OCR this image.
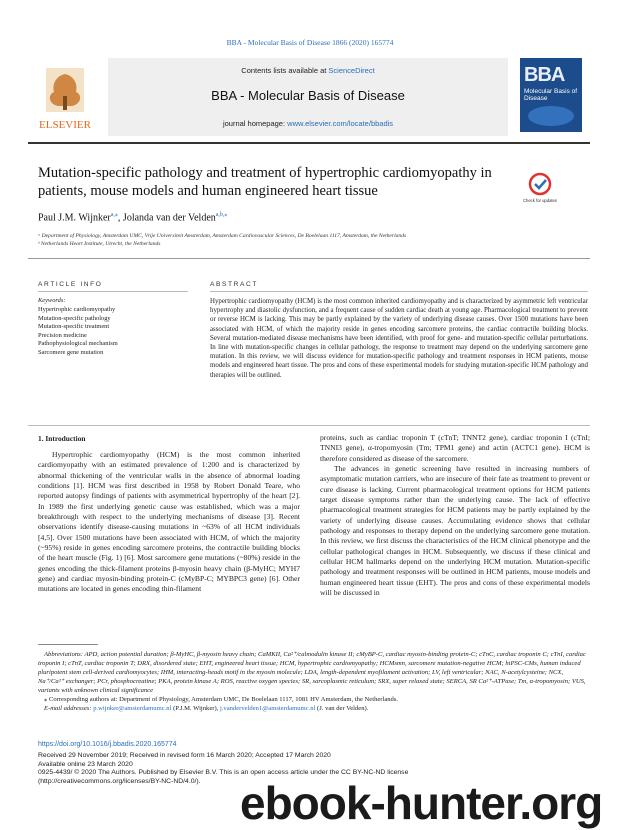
BBA - Molecular Basis of Disease 1866 (2020) 165774
ELSEVIER
Contents lists available at ScienceDirect
BBA - Molecular Basis of Disease
journal homepage: www.elsevier.com/locate/bbadis
BBA
Molecular Basis of Disease
Mutation-specific pathology and treatment of hypertrophic cardiomyopathy in patients, mouse models and human engineered heart tissue
Check for updates
Paul J.M. Wijnker$^{a,⁎}$, Jolanda van der Velden$^{a,b,⁎}$
ᵃ Department of Physiology, Amsterdam UMC, Vrije Universiteit Amsterdam, Amsterdam Cardiovascular Sciences, De Boelelaan 1117, Amsterdam, the Netherlands
ᵇ Netherlands Heart Institute, Utrecht, the Netherlands
ARTICLE INFO	ABSTRACT
Keywords:
Hypertrophic cardiomyopathy
Mutation-specific pathology
Mutation-specific treatment
Precision medicine
Pathophysiological mechanism
Sarcomere gene mutation
Hypertrophic cardiomyopathy (HCM) is the most common inherited cardiomyopathy and is characterized by asymmetric left ventricular hypertrophy and diastolic dysfunction, and a frequent cause of sudden cardiac death at young age. Pharmacological treatment to prevent or reverse HCM is lacking. This may be partly explained by the variety of underlying disease causes. Over 1500 mutations have been associated with HCM, of which the majority reside in genes encoding sarcomere proteins, the cardiac contractile building blocks. Several mutation-mediated disease mechanisms have been identified, with proof for gene- and mutation-specific cellular perturbations. In line with mutation-specific changes in cellular pathology, the response to treatment may depend on the underlying sarcomere gene mutation. In this review, we will discuss evidence for mutation-specific pathology and treatment responses in HCM patients, mouse models and engineered heart tissue. The pros and cons of these experimental models for studying mutation-specific HCM pathology and therapies will be outlined.
1. Introduction

Hypertrophic cardiomyopathy (HCM) is the most common inherited cardiomyopathy with an estimated prevalence of 1:200 and is characterized by abnormal thickening of the ventricular walls in the absence of abnormal loading conditions [1]. HCM was first described in 1958 by Robert Donald Teare, who reported autopsy findings of patients with asymmetrical hypertrophy of the heart [2]. In 1989 the first underlying genetic cause was established, which was a major breakthrough with respect to the underlying mechanisms of disease [3]. Recent observations identify disease-causing mutations in ~63% of all HCM individuals [4,5]. Over 1500 mutations have been associated with HCM, of which the majority (~95%) reside in genes encoding sarcomere proteins, the contractile building blocks of the heart muscle (Fig. 1) [6]. Most sarcomere gene mutations (~80%) reside in the genes encoding the thick-filament proteins β-myosin heavy chain (β-MyHC; MYH7 gene) and cardiac myosin-binding protein-C (cMyBP-C; MYBPC3 gene) [6]. Other mutations are located in genes encoding thin-filament

proteins, such as cardiac troponin T (cTnT; TNNT2 gene), cardiac troponin I (cTnI; TNNI3 gene), α-tropomyosin (Tm; TPM1 gene) and actin (ACTC1 gene). HCM is therefore considered as disease of the sarcomere.

The advances in genetic screening have resulted in increasing numbers of asymptomatic mutation carriers, who are insecure of their fate as treatment to prevent or cure disease is lacking. Current pharmacological treatment options for HCM patients target disease symptoms rather than the underlying cause. The lack of effective pharmacological treatment strategies for HCM patients may be partly explained by the variety of underlying disease causes. Accumulating evidence shows that cellular pathology and responses to therapy depend on the underlying sarcomere gene mutation. In this review, we first discuss the characteristics of the HCM clinical phenotype and the cellular pathological changes in HCM. Subsequently, we discuss if these clinical and cellular HCM hallmarks depend on the underlying HCM mutation. Mutation-specific pathology and treatment responses will be outlined in HCM patients, mouse models and human engineered heart tissue (EHT). The pros and cons of these experimental models will be discussed in

Abbreviations: APD, action potential duration; β-MyHC, β-myosin heavy chain; CaMKII, Ca²⁺/calmodulin kinase II; cMyBP-C, cardiac myosin-binding protein-C; cTnC, cardiac troponin C; cTnI, cardiac troponin I; cTnT, cardiac troponin T; DRX, disordered state; EHT, engineered heart tissue; HCM, hypertrophic cardiomyopathy; HCMsmn, sarcomere mutation-negative HCM; hiPSC-CMs, human induced pluripotent stem cell-derived cardiomyocytes; IHM, interacting-heads motif in the myosin molecule; LDA, length-dependent myofilament activation; LV, left ventricular; NAC, N-acetylcysteine; NCX, Na⁺/Ca²⁺ exchanger; PCr, phosphocreatine; PKA, protein kinase A; ROS, reactive oxygen species; SR, sarcoplasmic reticulum; SRX, super relaxed state; SERCA, SR Ca²⁺-ATPase; Tm, α-tropomyosin; VUS, variants with unknown clinical significance

⁎ Corresponding authors at: Department of Physiology, Amsterdam UMC, De Boelelaan 1117, 1081 HV Amsterdam, the Netherlands.

E-mail addresses: p.wijnker@amsterdamumc.nl (P.J.M. Wijnker), j.vandervelden1@amsterdamumc.nl (J. van der Velden).

https://doi.org/10.1016/j.bbadis.2020.165774
Received 29 November 2019; Received in revised form 16 March 2020; Accepted 17 March 2020
Available online 23 March 2020
0925-4439/ © 2020 The Authors. Published by Elsevier B.V. This is an open access article under the CC BY-NC-ND license
(http://creativecommons.org/licenses/BY-NC-ND/4.0/). ebook-hunter.org
